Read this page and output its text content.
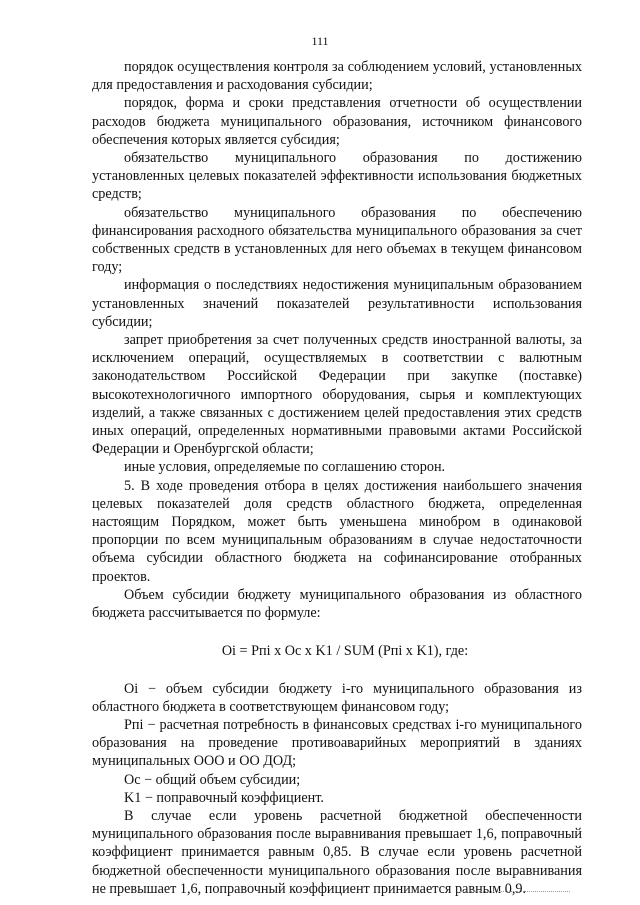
111

порядок осуществления контроля за соблюдением условий, установленных для предоставления и расходования субсидии;

порядок, форма и сроки представления отчетности об осуществлении расходов бюджета муниципального образования, источником финансового обеспечения которых является субсидия;

обязательство муниципального образования по достижению установленных целевых показателей эффективности использования бюджетных средств;

обязательство муниципального образования по обеспечению финансирования расходного обязательства муниципального образования за счет собственных средств в установленных для него объемах в текущем финансовом году;

информация о последствиях недостижения муниципальным образованием установленных значений показателей результативности использования субсидии;

запрет приобретения за счет полученных средств иностранной валюты, за исключением операций, осуществляемых в соответствии с валютным законодательством Российской Федерации при закупке (поставке) высокотехнологичного импортного оборудования, сырья и комплектующих изделий, а также связанных с достижением целей предоставления этих средств иных операций, определенных нормативными правовыми актами Российской Федерации и Оренбургской области;

иные условия, определяемые по соглашению сторон.

5. В ходе проведения отбора в целях достижения наибольшего значения целевых показателей доля средств областного бюджета, определенная настоящим Порядком, может быть уменьшена минобром в одинаковой пропорции по всем муниципальным образованиям в случае недостаточности объема субсидии областного бюджета на софинансирование отобранных проектов.

Объем субсидии бюджету муниципального образования из областного бюджета рассчитывается по формуле:

Oi = Pпi x Oc x K1 / SUM (Pпi x K1), где:

Oi − объем субсидии бюджету i-го муниципального образования из областного бюджета в соответствующем финансовом году;

Pпi − расчетная потребность в финансовых средствах i-го муниципального образования на проведение противоаварийных мероприятий в зданиях муниципальных ООО и ОО ДОД;

Oc − общий объем субсидии;

K1 − поправочный коэффициент.

В случае если уровень расчетной бюджетной обеспеченности муниципального образования после выравнивания превышает 1,6, поправочный коэффициент принимается равным 0,85. В случае если уровень расчетной бюджетной обеспеченности муниципального образования после выравнивания не превышает 1,6, поправочный коэффициент принимается равным 0,9.
